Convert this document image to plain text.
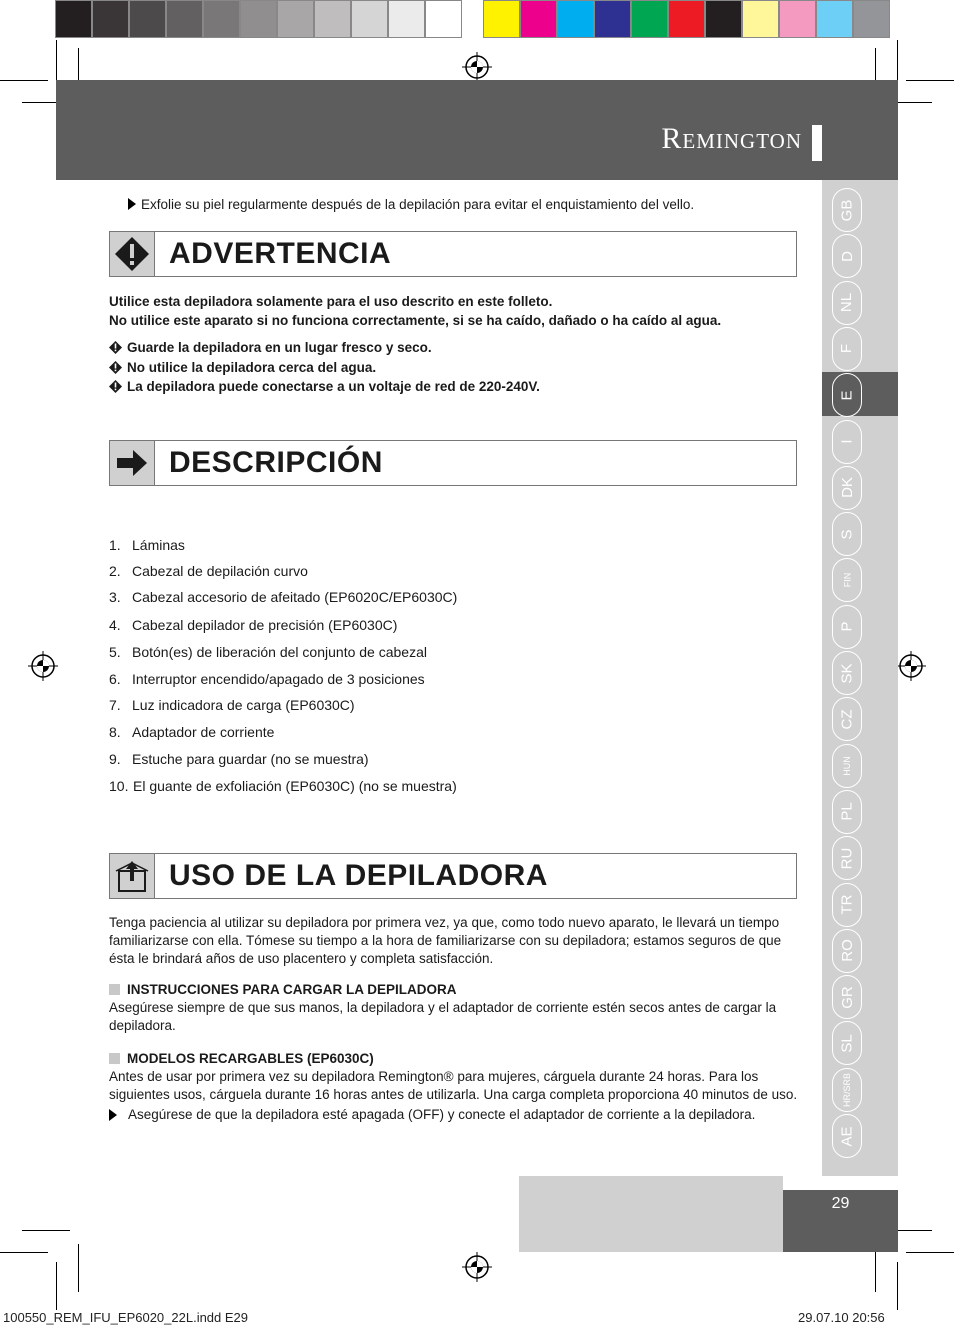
Remington
GB
D
NL
F
E
I
DK
S
FIN
P
SK
CZ
HUN
PL
RU
TR
RO
GR
SL
HR/SRB
AE
Exfolie su piel regularmente después de la depilación para evitar el enquistamiento del vello.
ADVERTENCIA
Utilice esta depiladora solamente para el uso descrito en este folleto.
No utilice este aparato si no funciona correctamente, si se ha caído, dañado o ha caído al agua.
Guarde la depiladora en un lugar fresco y seco.
No utilice la depiladora cerca del agua.
La depiladora puede conectarse a un voltaje de red de 220-240V.
DESCRIPCIÓN
1. Láminas
2. Cabezal de depilación curvo
3. Cabezal accesorio de afeitado (EP6020C/EP6030C)
4. Cabezal depilador de precisión (EP6030C)
5. Botón(es) de liberación del conjunto de cabezal
6. Interruptor encendido/apagado de 3 posiciones
7. Luz indicadora de carga (EP6030C)
8. Adaptador de corriente
9. Estuche para guardar (no se muestra)
10. El guante de exfoliación (EP6030C) (no se muestra)
USO DE LA DEPILADORA
Tenga paciencia al utilizar su depiladora por primera vez, ya que, como todo nuevo aparato, le llevará un tiempo familiarizarse con ella. Tómese su tiempo a la hora de familiarizarse con su depiladora; estamos seguros de que ésta le brindará años de uso placentero y completa satisfacción.
INSTRUCCIONES PARA CARGAR LA DEPILADORA
Asegúrese siempre de que sus manos, la depiladora y el adaptador de corriente estén secos antes de cargar la depiladora.
MODELOS RECARGABLES (EP6030C)
Antes de usar por primera vez su depiladora Remington® para mujeres, cárguela durante 24 horas. Para los siguientes usos, cárguela durante 16 horas antes de utilizarla. Una carga completa proporciona 40 minutos de uso.
Asegúrese de que la depiladora esté apagada (OFF) y conecte el adaptador de corriente a la depiladora.
29
100550_REM_IFU_EP6020_22L.indd E29	29.07.10 20:56
